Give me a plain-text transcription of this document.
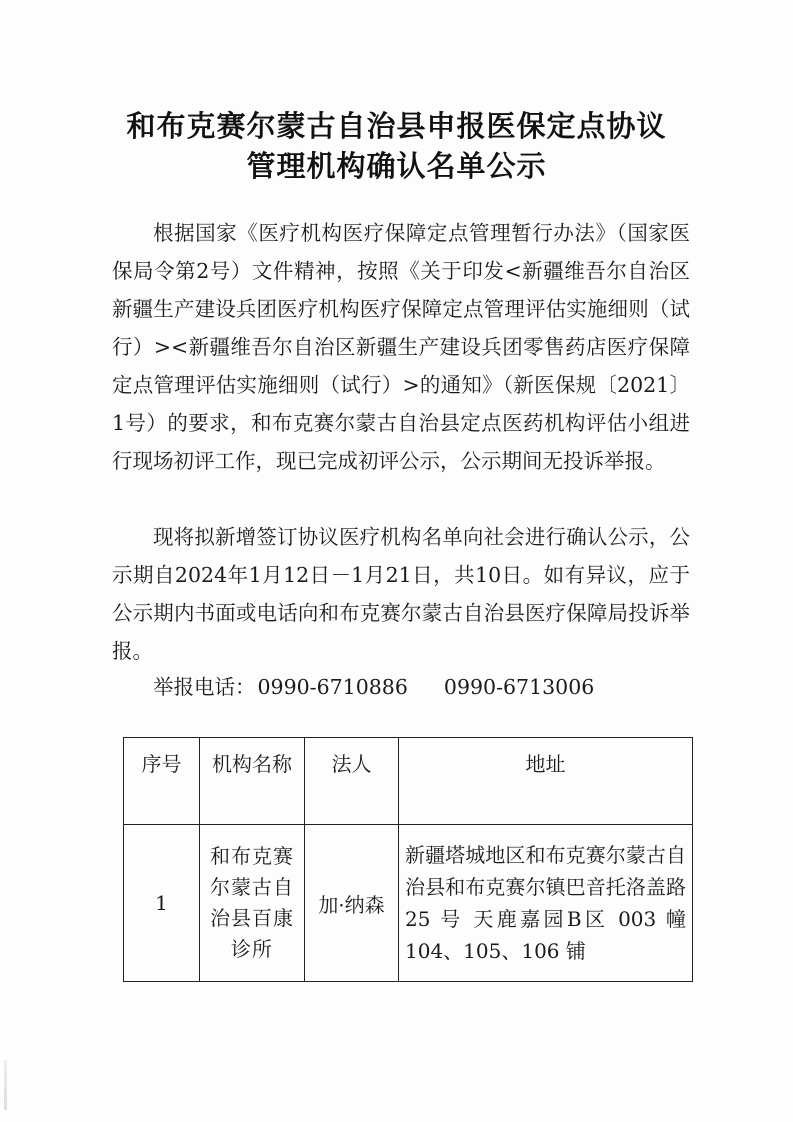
和布克赛尔蒙古自治县申报医保定点协议
管理机构确认名单公示
根据国家《医疗机构医疗保障定点管理暂行办法》（国家医保局令第2号）文件精神，按照《关于印发<新疆维吾尔自治区 新疆生产建设兵团医疗机构医疗保障定点管理评估实施细则（试行）><新疆维吾尔自治区新疆生产建设兵团零售药店医疗保障定点管理评估实施细则（试行）>的通知》（新医保规〔2021〕1号）的要求，和布克赛尔蒙古自治县定点医药机构评估小组进行现场初评工作，现已完成初评公示，公示期间无投诉举报。
现将拟新增签订协议医疗机构名单向社会进行确认公示，公示期自2024年1月12日－1月21日，共10日。如有异议，应于公示期内书面或电话向和布克赛尔蒙古自治县医疗保障局投诉举报。
举报电话：0990-6710886 0990-6713006
序号	机构名称	法人	地址
1	和布克赛尔蒙古自治县百康诊所	加·纳森	新疆塔城地区和布克赛尔蒙古自治县和布克赛尔镇巴音托洛盖路 25 号 天鹿嘉园B区 003 幢 104、105、106 铺
